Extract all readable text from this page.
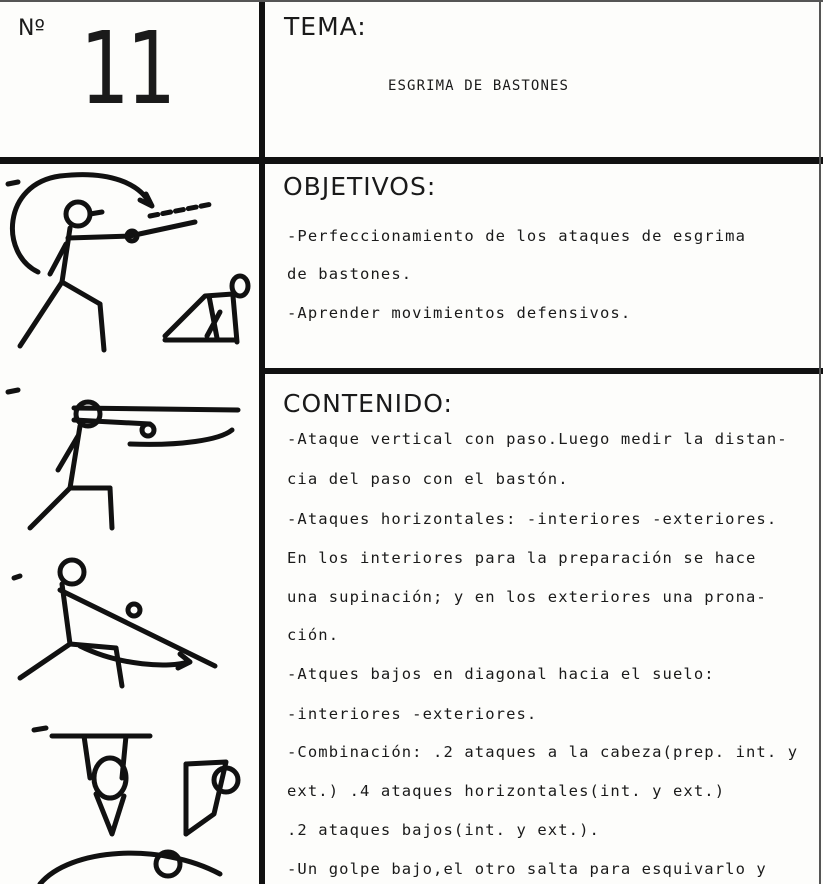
Nº 11	TEMA:
ESGRIMA DE BASTONES
OBJETIVOS:
-Perfeccionamiento de los ataques de esgrima
de bastones.
-Aprender movimientos defensivos.
CONTENIDO:
-Ataque vertical con paso.Luego medir la distan-
cia del paso con el bastón.
-Ataques horizontales: -interiores -exteriores.
En los interiores para la preparación se hace
una supinación; y en los exteriores una prona-
ción.
-Atques bajos en diagonal hacia el suelo:
-interiores -exteriores.
-Combinación: .2 ataques a la cabeza(prep. int. y
ext.) .4 ataques horizontales(int. y ext.)
.2 ataques bajos(int. y ext.).
-Un golpe bajo,el otro salta para esquivarlo y
